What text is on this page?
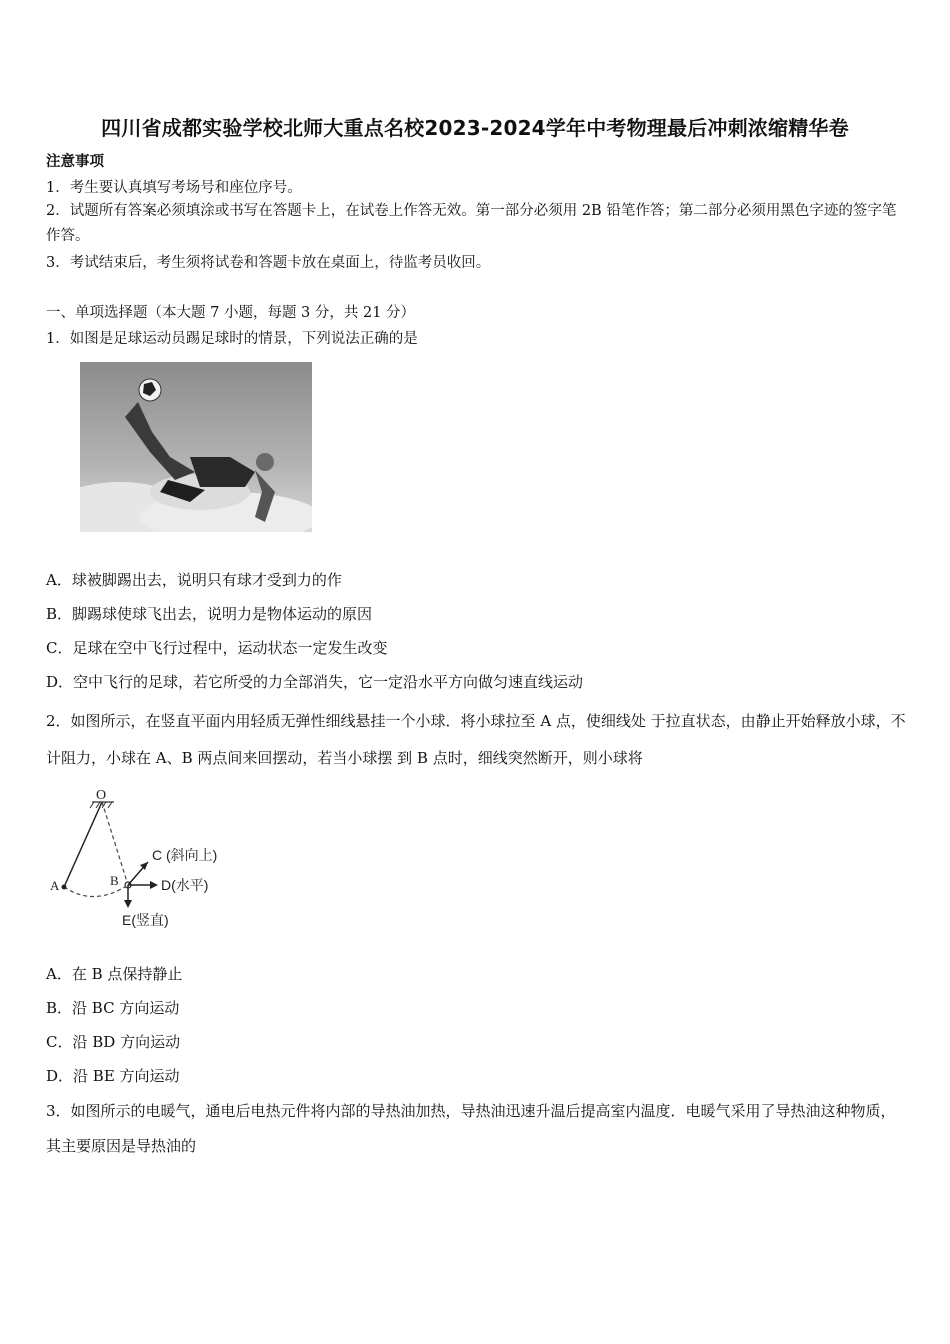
四川省成都实验学校北师大重点名校2023-2024学年中考物理最后冲刺浓缩精华卷
注意事项
1．考生要认真填写考场号和座位序号。
2．试题所有答案必须填涂或书写在答题卡上，在试卷上作答无效。第一部分必须用 2B 铅笔作答；第二部分必须用黑色字迹的签字笔作答。
3．考试结束后，考生须将试卷和答题卡放在桌面上，待监考员收回。
一、单项选择题（本大题 7 小题，每题 3 分，共 21 分）
1．如图是足球运动员踢足球时的情景，下列说法正确的是
A．球被脚踢出去，说明只有球才受到力的作
B．脚踢球使球飞出去，说明力是物体运动的原因
C．足球在空中飞行过程中，运动状态一定发生改变
D．空中飞行的足球，若它所受的力全部消失，它一定沿水平方向做匀速直线运动
2．如图所示，在竖直平面内用轻质无弹性细线悬挂一个小球．将小球拉至 A 点，使细线处 于拉直状态，由静止开始释放小球，不计阻力，小球在 A、B 两点间来回摆动，若当小球摆 到 B 点时，细线突然断开，则小球将
O
A	B
C (斜向上)
D(水平)
E(竖直)
A．在 B 点保持静止
B．沿 BC 方向运动
C．沿 BD 方向运动
D．沿 BE 方向运动
3．如图所示的电暖气，通电后电热元件将内部的导热油加热，导热油迅速升温后提高室内温度．电暖气采用了导热油这种物质，其主要原因是导热油的
